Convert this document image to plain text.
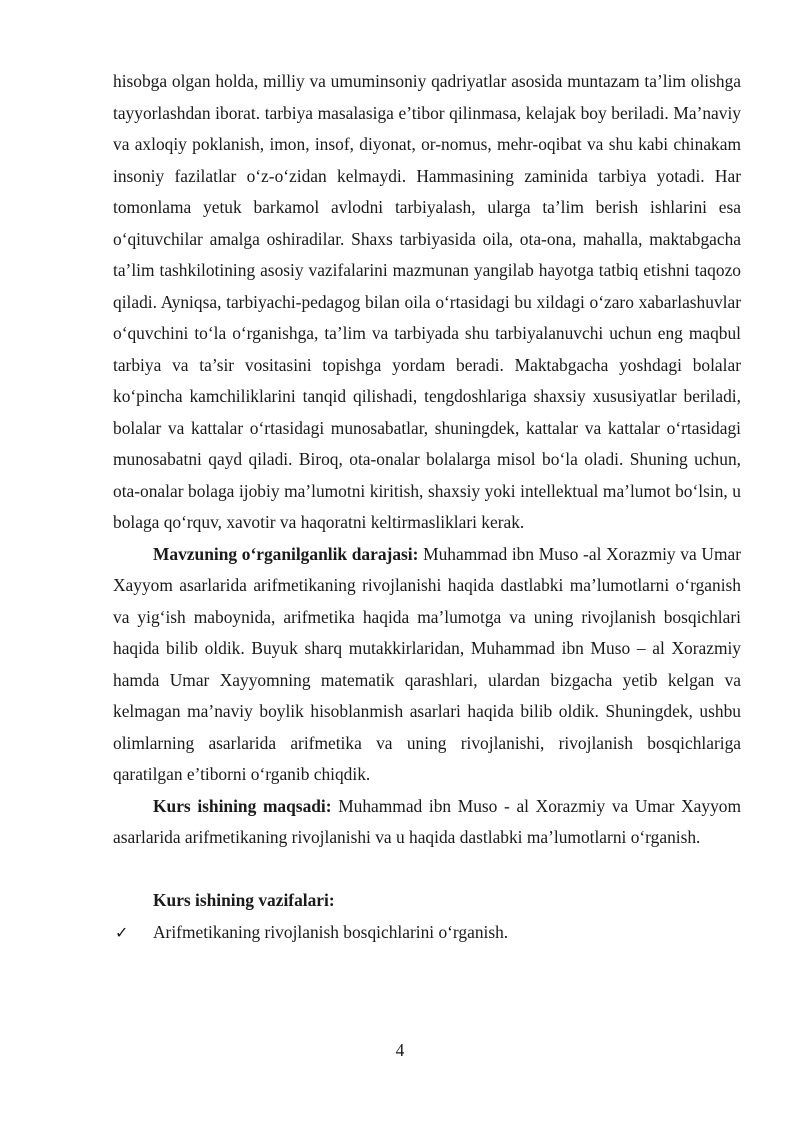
hisobga olgan holda, milliy va umuminsoniy qadriyatlar asosida muntazam ta’lim olishga tayyorlashdan iborat. tarbiya masalasiga e’tibor qilinmasa, kelajak boy beriladi. Ma’naviy va axloqiy poklanish, imon, insof, diyonat, or-nomus, mehr-oqibat va shu kabi chinakam insoniy fazilatlar o‘z-o‘zidan kelmaydi. Hammasining zaminida tarbiya yotadi. Har tomonlama yetuk barkamol avlodni tarbiyalash, ularga ta’lim berish ishlarini esa o‘qituvchilar amalga oshiradilar. Shaxs tarbiyasida oila, ota-ona, mahalla, maktabgacha ta’lim tashkilotining asosiy vazifalarini mazmunan yangilab hayotga tatbiq etishni taqozo qiladi. Ayniqsa, tarbiyachi-pedagog bilan oila o‘rtasidagi bu xildagi o‘zaro xabarlashuvlar o‘quvchini to‘la o‘rganishga, ta’lim va tarbiyada shu tarbiyalanuvchi uchun eng maqbul tarbiya va ta’sir vositasini topishga yordam beradi. Maktabgacha yoshdagi bolalar ko‘pincha kamchiliklarini tanqid qilishadi, tengdoshlariga shaxsiy xususiyatlar beriladi, bolalar va kattalar o‘rtasidagi munosabatlar, shuningdek, kattalar va kattalar o‘rtasidagi munosabatni qayd qiladi. Biroq, ota-onalar bolalarga misol bo‘la oladi. Shuning uchun, ota-onalar bolaga ijobiy ma’lumotni kiritish, shaxsiy yoki intellektual ma’lumot bo‘lsin, u bolaga qo‘rquv, xavotir va haqoratni keltirmasliklari kerak.

Mavzuning o‘rganilganlik darajasi: Muhammad ibn Muso -al Xorazmiy va Umar Xayyom asarlarida arifmetikaning rivojlanishi haqida dastlabki ma’lumotlarni o‘rganish va yig‘ish maboynida, arifmetika haqida ma’lumotga va uning rivojlanish bosqichlari haqida bilib oldik. Buyuk sharq mutakkirlaridan, Muhammad ibn Muso – al Xorazmiy hamda Umar Xayyomning matematik qarashlari, ulardan bizgacha yetib kelgan va kelmagan ma’naviy boylik hisoblanmish asarlari haqida bilib oldik. Shuningdek, ushbu olimlarning asarlarida arifmetika va uning rivojlanishi, rivojlanish bosqichlariga qaratilgan e’tiborni o‘rganib chiqdik.

Kurs ishining maqsadi: Muhammad ibn Muso - al Xorazmiy va Umar Xayyom asarlarida arifmetikaning rivojlanishi va u haqida dastlabki ma’lumotlarni o‘rganish.

Kurs ishining vazifalari:

✓	Arifmetikaning rivojlanish bosqichlarini o‘rganish.

4
